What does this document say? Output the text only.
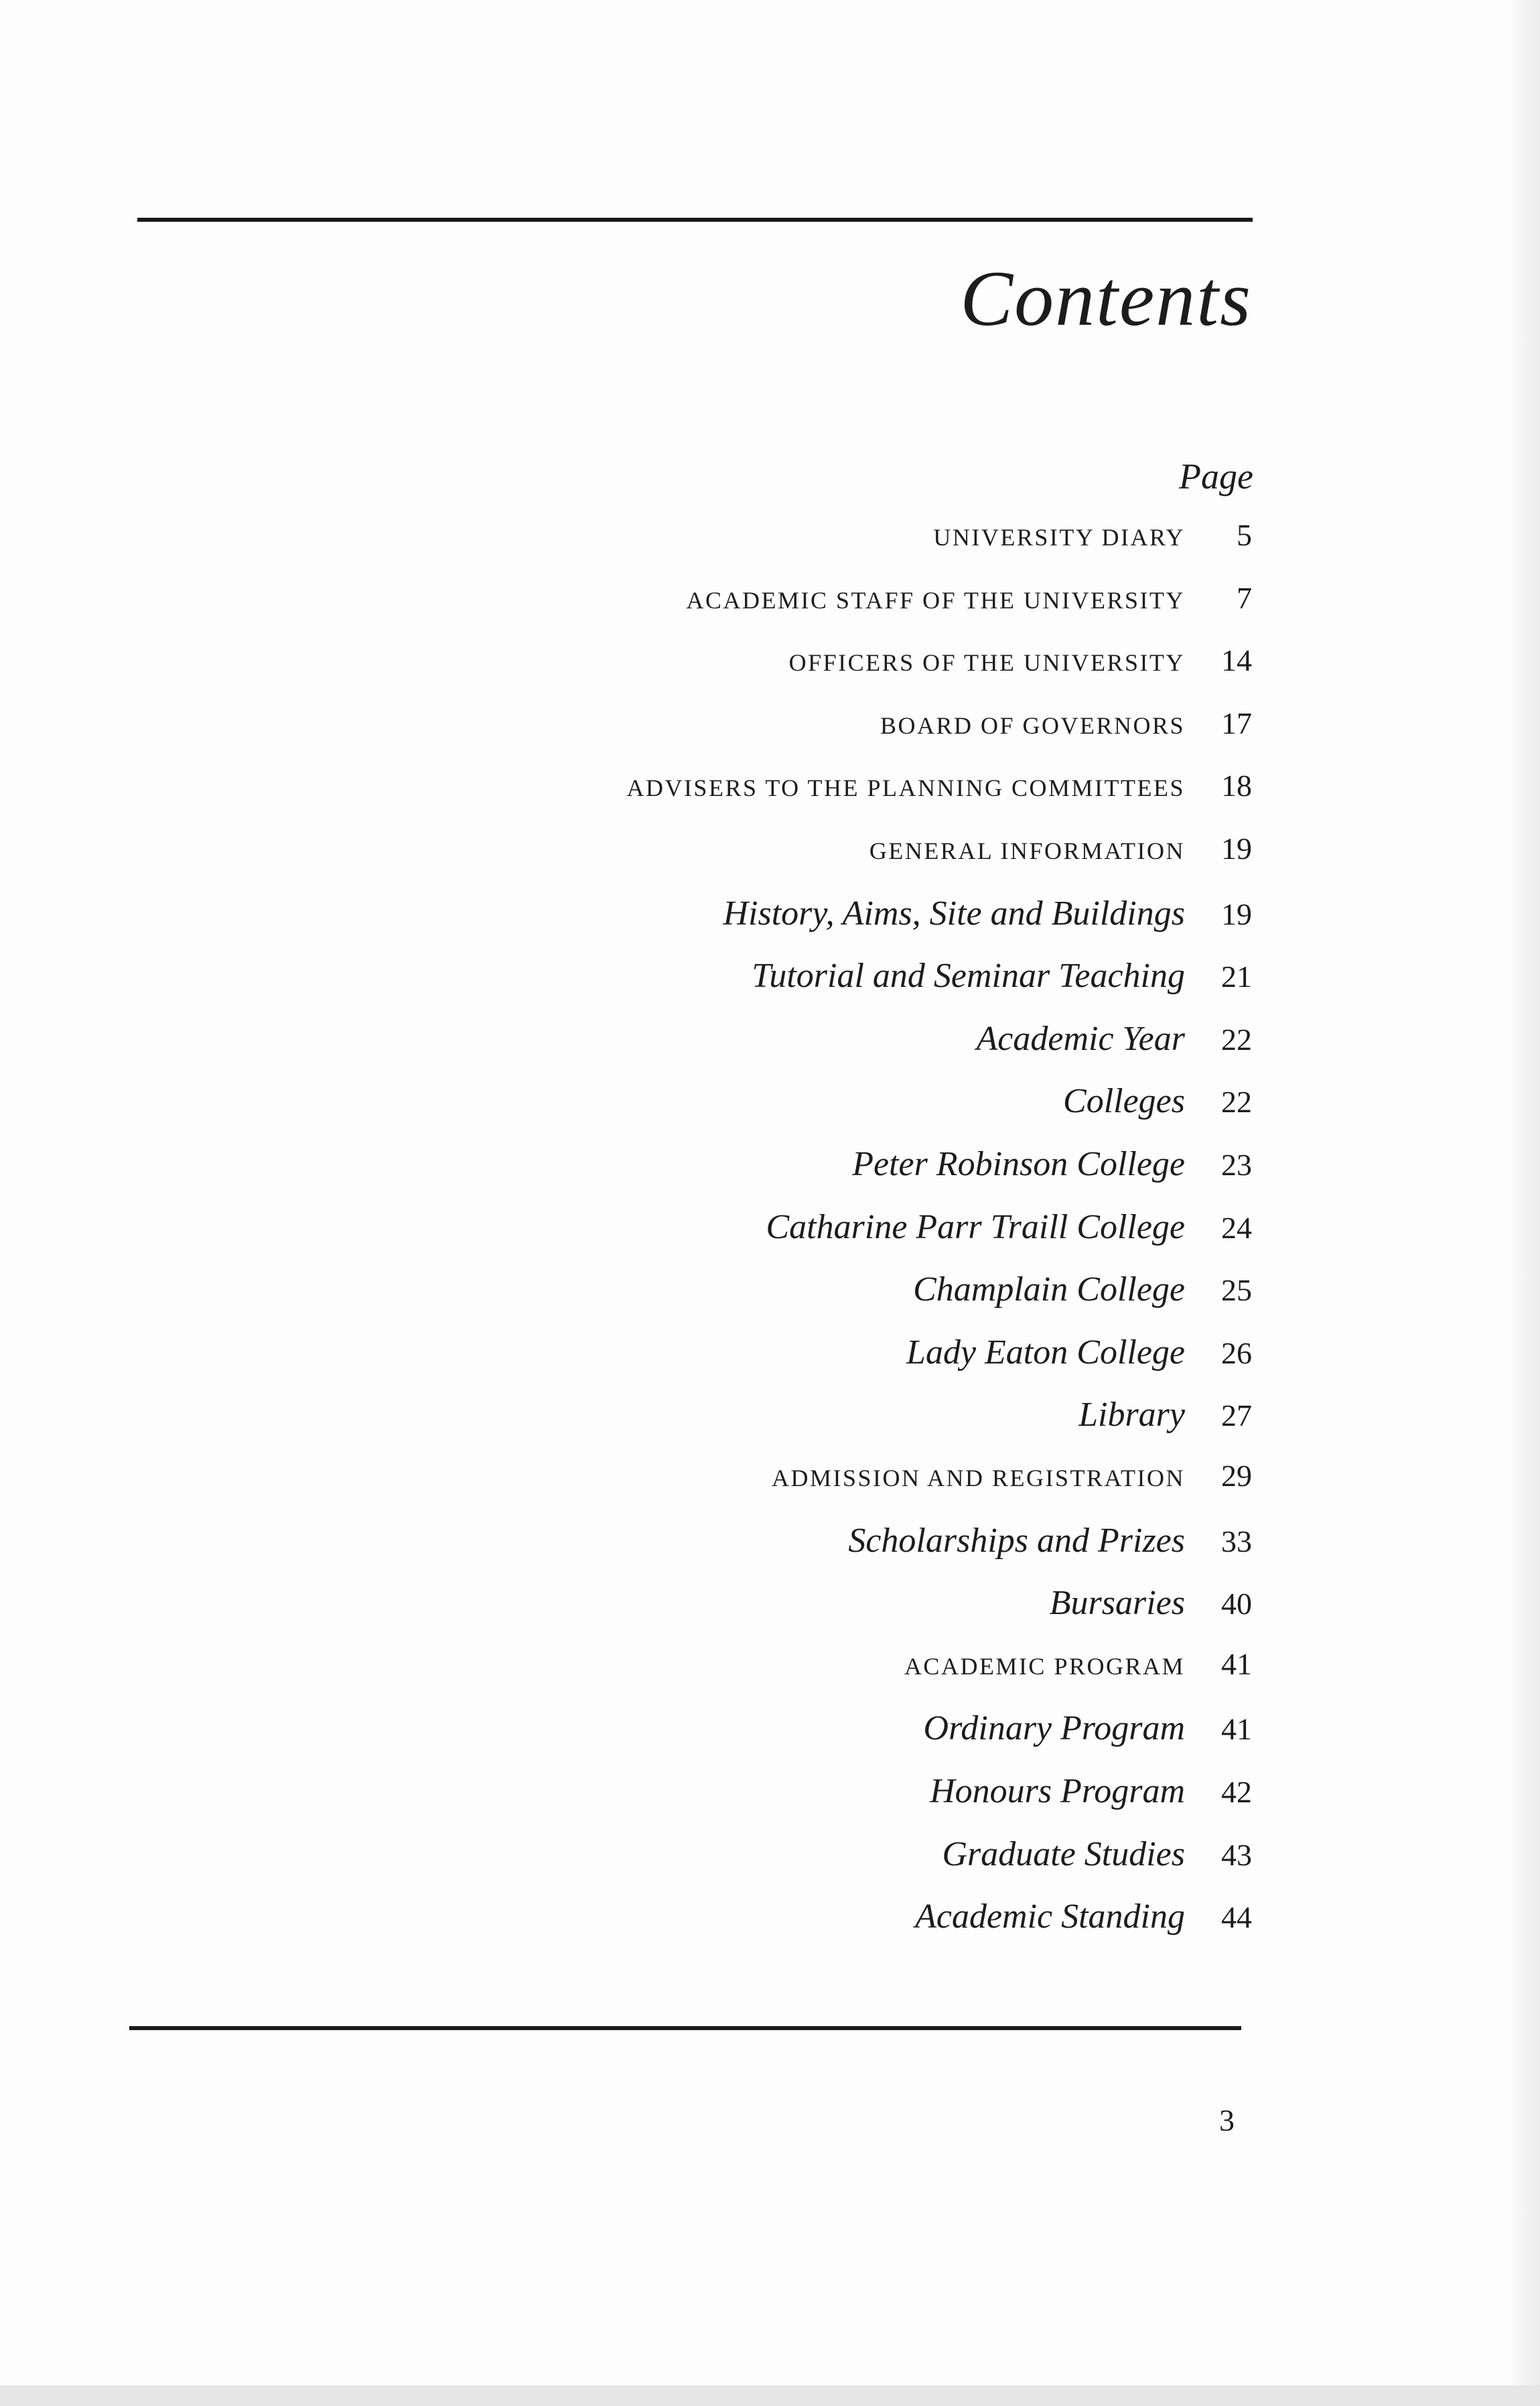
Contents
Page
UNIVERSITY DIARY	5
ACADEMIC STAFF OF THE UNIVERSITY	7
OFFICERS OF THE UNIVERSITY	14
BOARD OF GOVERNORS	17
ADVISERS TO THE PLANNING COMMITTEES	18
GENERAL INFORMATION	19
History, Aims, Site and Buildings	19
Tutorial and Seminar Teaching	21
Academic Year	22
Colleges	22
Peter Robinson College	23
Catharine Parr Traill College	24
Champlain College	25
Lady Eaton College	26
Library	27
ADMISSION AND REGISTRATION	29
Scholarships and Prizes	33
Bursaries	40
ACADEMIC PROGRAM	41
Ordinary Program	41
Honours Program	42
Graduate Studies	43
Academic Standing	44
3
